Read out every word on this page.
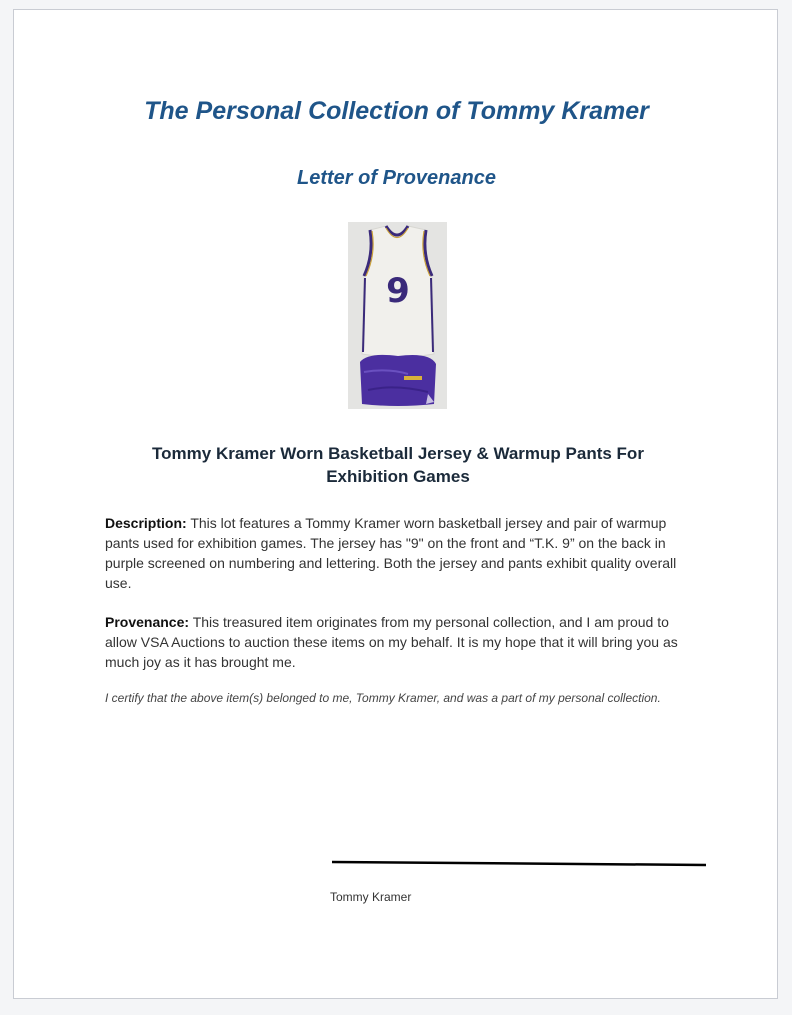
The Personal Collection of Tommy Kramer
Letter of Provenance
9
Tommy Kramer Worn Basketball Jersey & Warmup Pants For Exhibition Games

Description: This lot features a Tommy Kramer worn basketball jersey and pair of warmup pants used for exhibition games. The jersey has "9" on the front and “T.K. 9” on the back in purple screened on numbering and lettering. Both the jersey and pants exhibit quality overall use.

Provenance: This treasured item originates from my personal collection, and I am proud to allow VSA Auctions to auction these items on my behalf. It is my hope that it will bring you as much joy as it has brought me.

I certify that the above item(s) belonged to me, Tommy Kramer, and was a part of my personal collection.

Tommy Kramer
